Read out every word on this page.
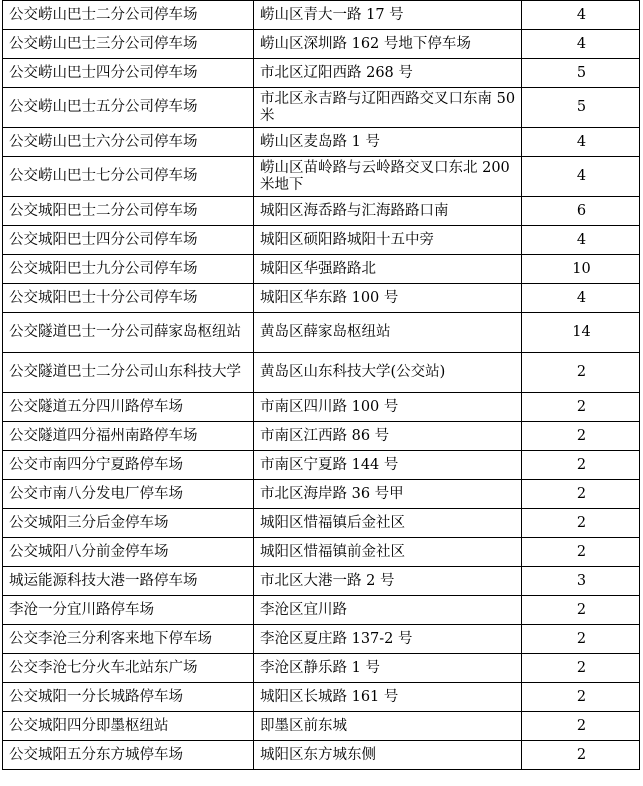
公交崂山巴士二分公司停车场	崂山区青大一路 17 号	4
公交崂山巴士三分公司停车场	崂山区深圳路 162 号地下停车场	4
公交崂山巴士四分公司停车场	市北区辽阳西路 268 号	5
公交崂山巴士五分公司停车场	市北区永吉路与辽阳西路交叉口东南 50 米	5
公交崂山巴士六分公司停车场	崂山区麦岛路 1 号	4
公交崂山巴士七分公司停车场	崂山区苗岭路与云岭路交叉口东北 200 米地下	4
公交城阳巴士二分公司停车场	城阳区海岙路与汇海路路口南	6
公交城阳巴士四分公司停车场	城阳区硕阳路城阳十五中旁	4
公交城阳巴士九分公司停车场	城阳区华强路路北	10
公交城阳巴士十分公司停车场	城阳区华东路 100 号	4
公交隧道巴士一分公司薛家岛枢纽站	黄岛区薛家岛枢纽站	14
公交隧道巴士二分公司山东科技大学	黄岛区山东科技大学(公交站)	2
公交隧道五分四川路停车场	市南区四川路 100 号	2
公交隧道四分福州南路停车场	市南区江西路 86 号	2
公交市南四分宁夏路停车场	市南区宁夏路 144 号	2
公交市南八分发电厂停车场	市北区海岸路 36 号甲	2
公交城阳三分后金停车场	城阳区惜福镇后金社区	2
公交城阳八分前金停车场	城阳区惜福镇前金社区	2
城运能源科技大港一路停车场	市北区大港一路 2 号	3
李沧一分宜川路停车场	李沧区宜川路	2
公交李沧三分利客来地下停车场	李沧区夏庄路 137-2 号	2
公交李沧七分火车北站东广场	李沧区静乐路 1 号	2
公交城阳一分长城路停车场	城阳区长城路 161 号	2
公交城阳四分即墨枢纽站	即墨区前东城	2
公交城阳五分东方城停车场	城阳区东方城东侧	2
